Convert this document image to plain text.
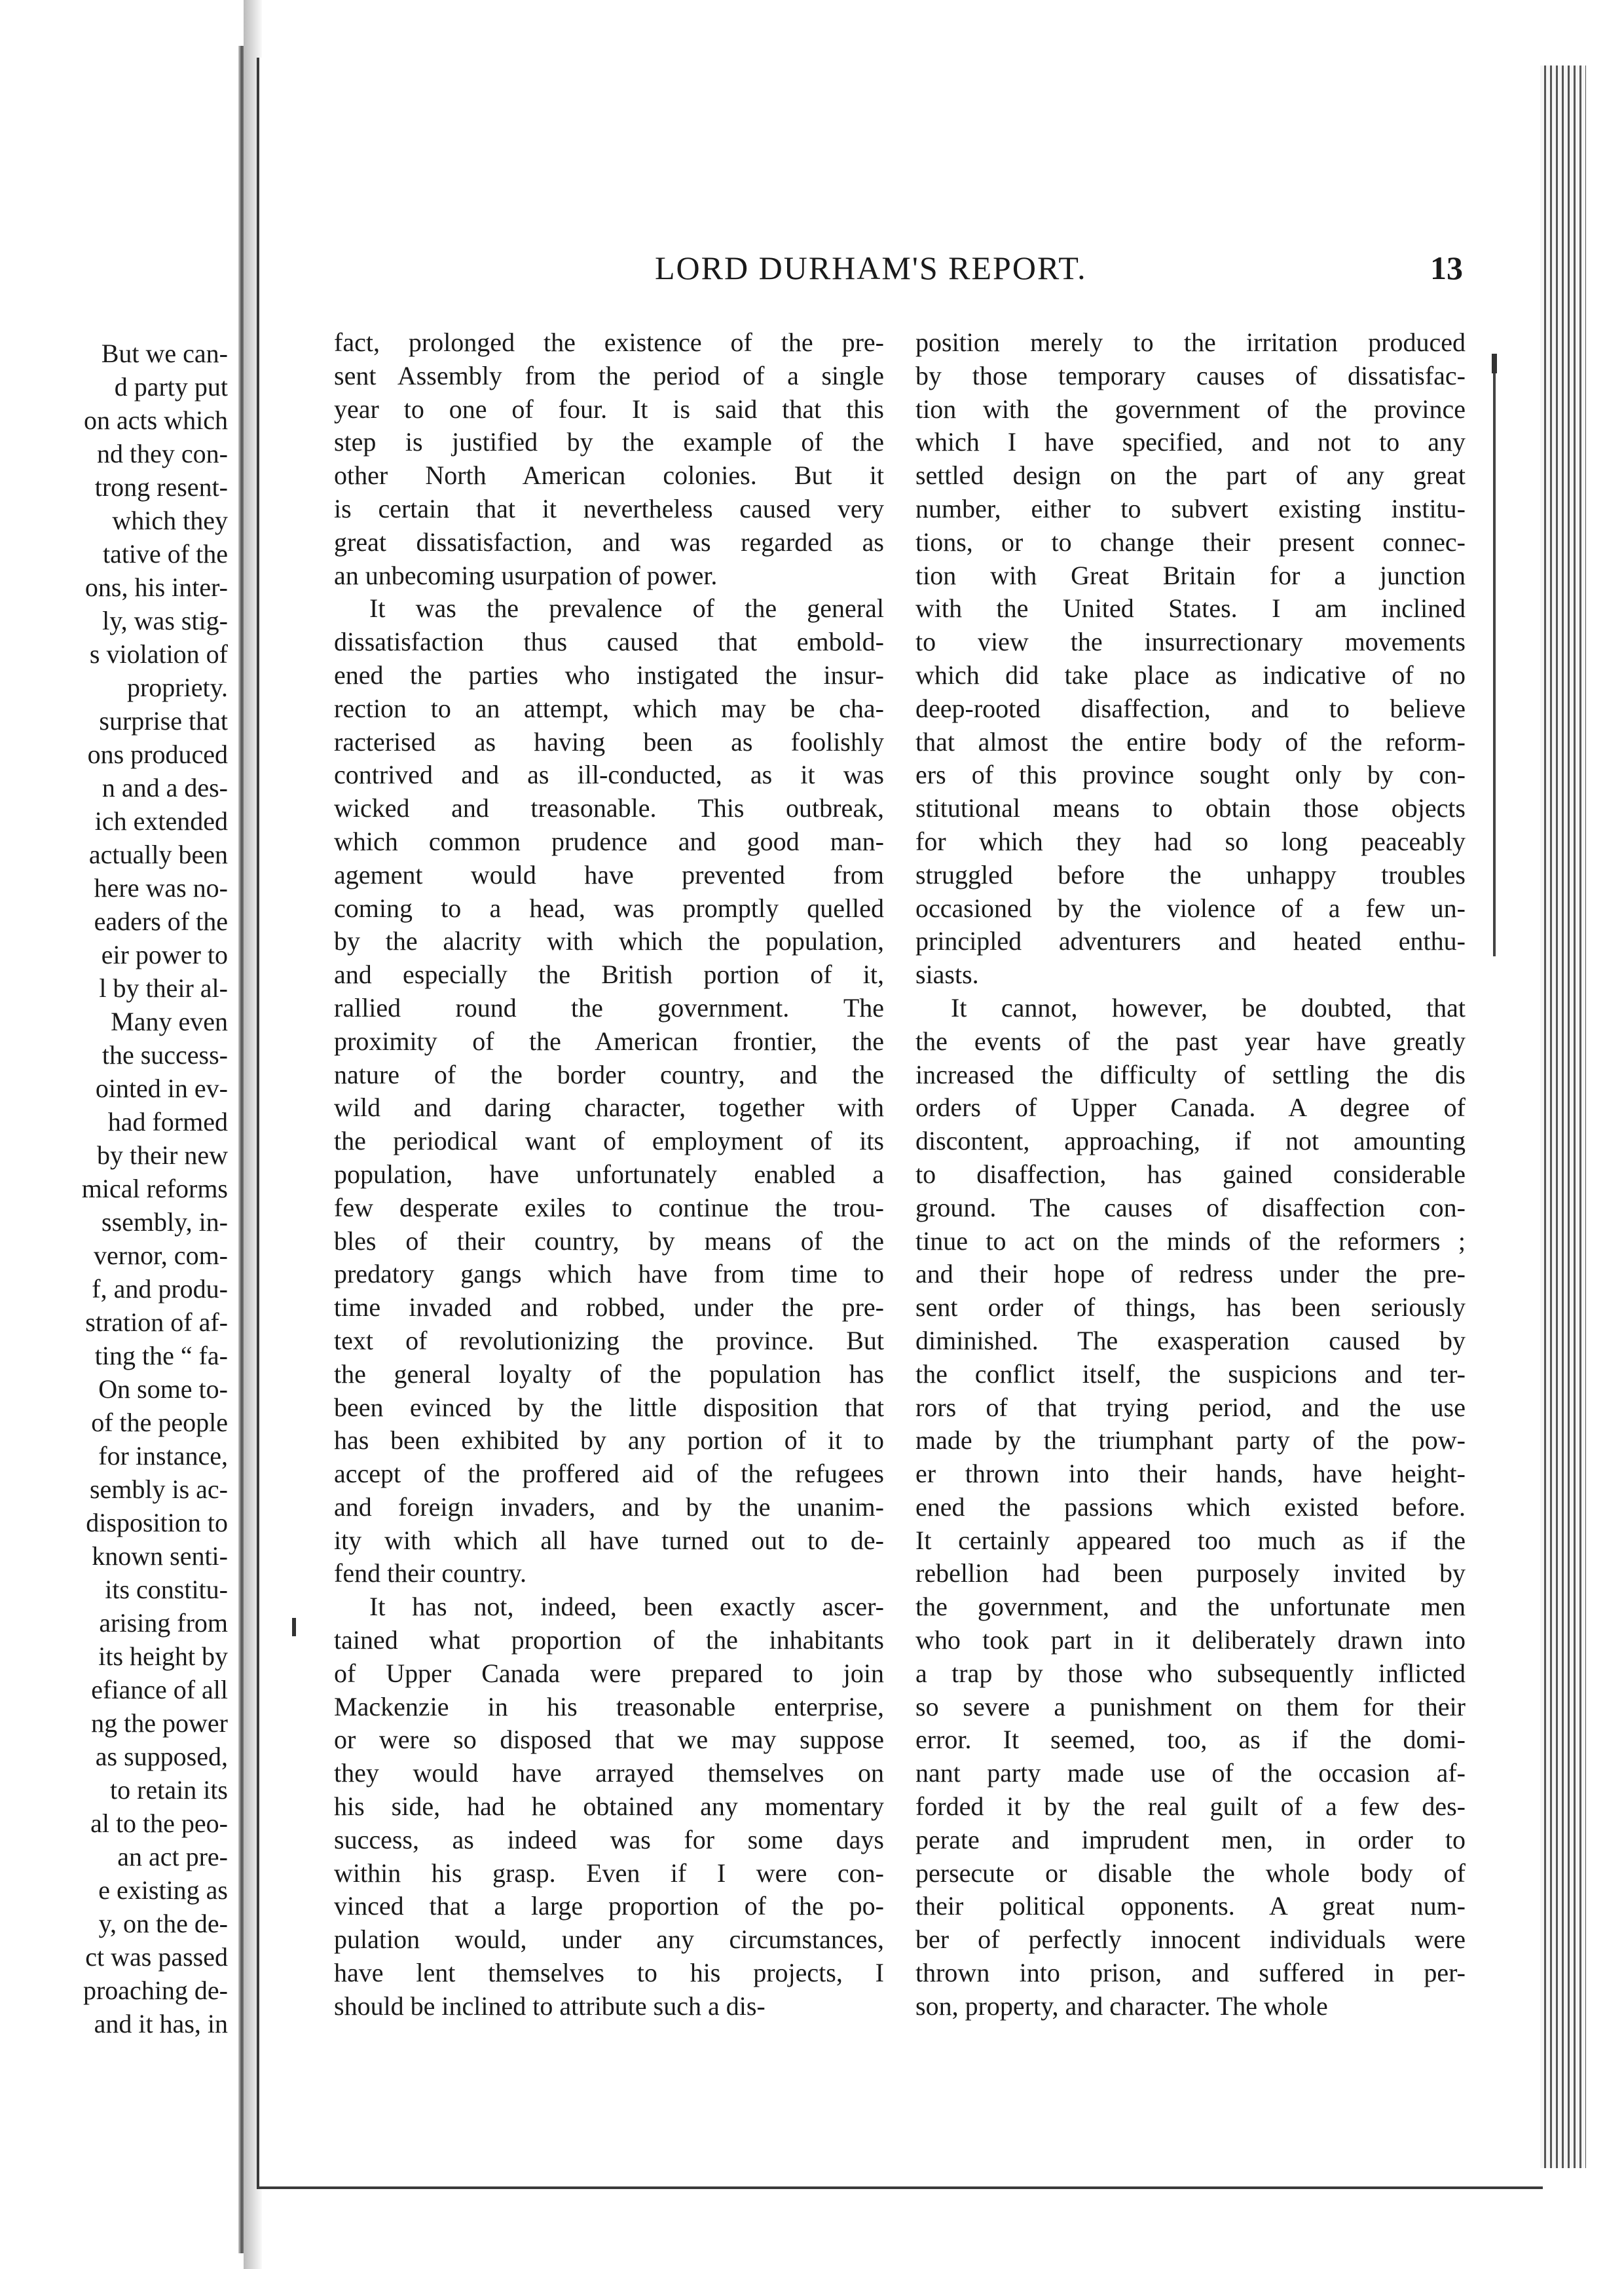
But we can-
d party put
on acts which
nd they con-
trong resent-
which they
tative of the
ons, his inter-
ly, was stig-
s violation of
propriety.
surprise that
ons produced
n and a des-
ich extended
actually been
here was no-
eaders of the
eir power to
l by their al-
Many even
the success-
ointed in ev-
had formed
by their new
mical reforms
ssembly, in-
vernor, com-
f, and produ-
stration of af-
ting the “ fa-
On some to-
of the people
for instance,
sembly is ac-
disposition to
known senti-
its constitu-
arising from
its height by
efiance of all
ng the power
as supposed,
to retain its
al to the peo-
an act pre-
e existing as
y, on the de-
ct was passed
proaching de-
and it has, in
LORD DURHAM'S REPORT.	13
fact, prolonged the existence of the pre-
sent Assembly from the period of a single
year to one of four. It is said that this
step is justified by the example of the
other North American colonies. But it
is certain that it nevertheless caused very
great dissatisfaction, and was regarded as
an unbecoming usurpation of power.
It was the prevalence of the general
dissatisfaction thus caused that embold-
ened the parties who instigated the insur-
rection to an attempt, which may be cha-
racterised as having been as foolishly
contrived and as ill-conducted, as it was
wicked and treasonable. This outbreak,
which common prudence and good man-
agement would have prevented from
coming to a head, was promptly quelled
by the alacrity with which the population,
and especially the British portion of it,
rallied round the government. The
proximity of the American frontier, the
nature of the border country, and the
wild and daring character, together with
the periodical want of employment of its
population, have unfortunately enabled a
few desperate exiles to continue the trou-
bles of their country, by means of the
predatory gangs which have from time to
time invaded and robbed, under the pre-
text of revolutionizing the province. But
the general loyalty of the population has
been evinced by the little disposition that
has been exhibited by any portion of it to
accept of the proffered aid of the refugees
and foreign invaders, and by the unanim-
ity with which all have turned out to de-
fend their country.
It has not, indeed, been exactly ascer-
tained what proportion of the inhabitants
of Upper Canada were prepared to join
Mackenzie in his treasonable enterprise,
or were so disposed that we may suppose
they would have arrayed themselves on
his side, had he obtained any momentary
success, as indeed was for some days
within his grasp. Even if I were con-
vinced that a large proportion of the po-
pulation would, under any circumstances,
have lent themselves to his projects, I
should be inclined to attribute such a dis-
position merely to the irritation produced
by those temporary causes of dissatisfac-
tion with the government of the province
which I have specified, and not to any
settled design on the part of any great
number, either to subvert existing institu-
tions, or to change their present connec-
tion with Great Britain for a junction
with the United States. I am inclined
to view the insurrectionary movements
which did take place as indicative of no
deep-rooted disaffection, and to believe
that almost the entire body of the reform-
ers of this province sought only by con-
stitutional means to obtain those objects
for which they had so long peaceably
struggled before the unhappy troubles
occasioned by the violence of a few un-
principled adventurers and heated enthu-
siasts.
It cannot, however, be doubted, that
the events of the past year have greatly
increased the difficulty of settling the dis
orders of Upper Canada. A degree of
discontent, approaching, if not amounting
to disaffection, has gained considerable
ground. The causes of disaffection con-
tinue to act on the minds of the reformers ;
and their hope of redress under the pre-
sent order of things, has been seriously
diminished. The exasperation caused by
the conflict itself, the suspicions and ter-
rors of that trying period, and the use
made by the triumphant party of the pow-
er thrown into their hands, have height-
ened the passions which existed before.
It certainly appeared too much as if the
rebellion had been purposely invited by
the government, and the unfortunate men
who took part in it deliberately drawn into
a trap by those who subsequently inflicted
so severe a punishment on them for their
error. It seemed, too, as if the domi-
nant party made use of the occasion af-
forded it by the real guilt of a few des-
perate and imprudent men, in order to
persecute or disable the whole body of
their political opponents. A great num-
ber of perfectly innocent individuals were
thrown into prison, and suffered in per-
son, property, and character. The whole
